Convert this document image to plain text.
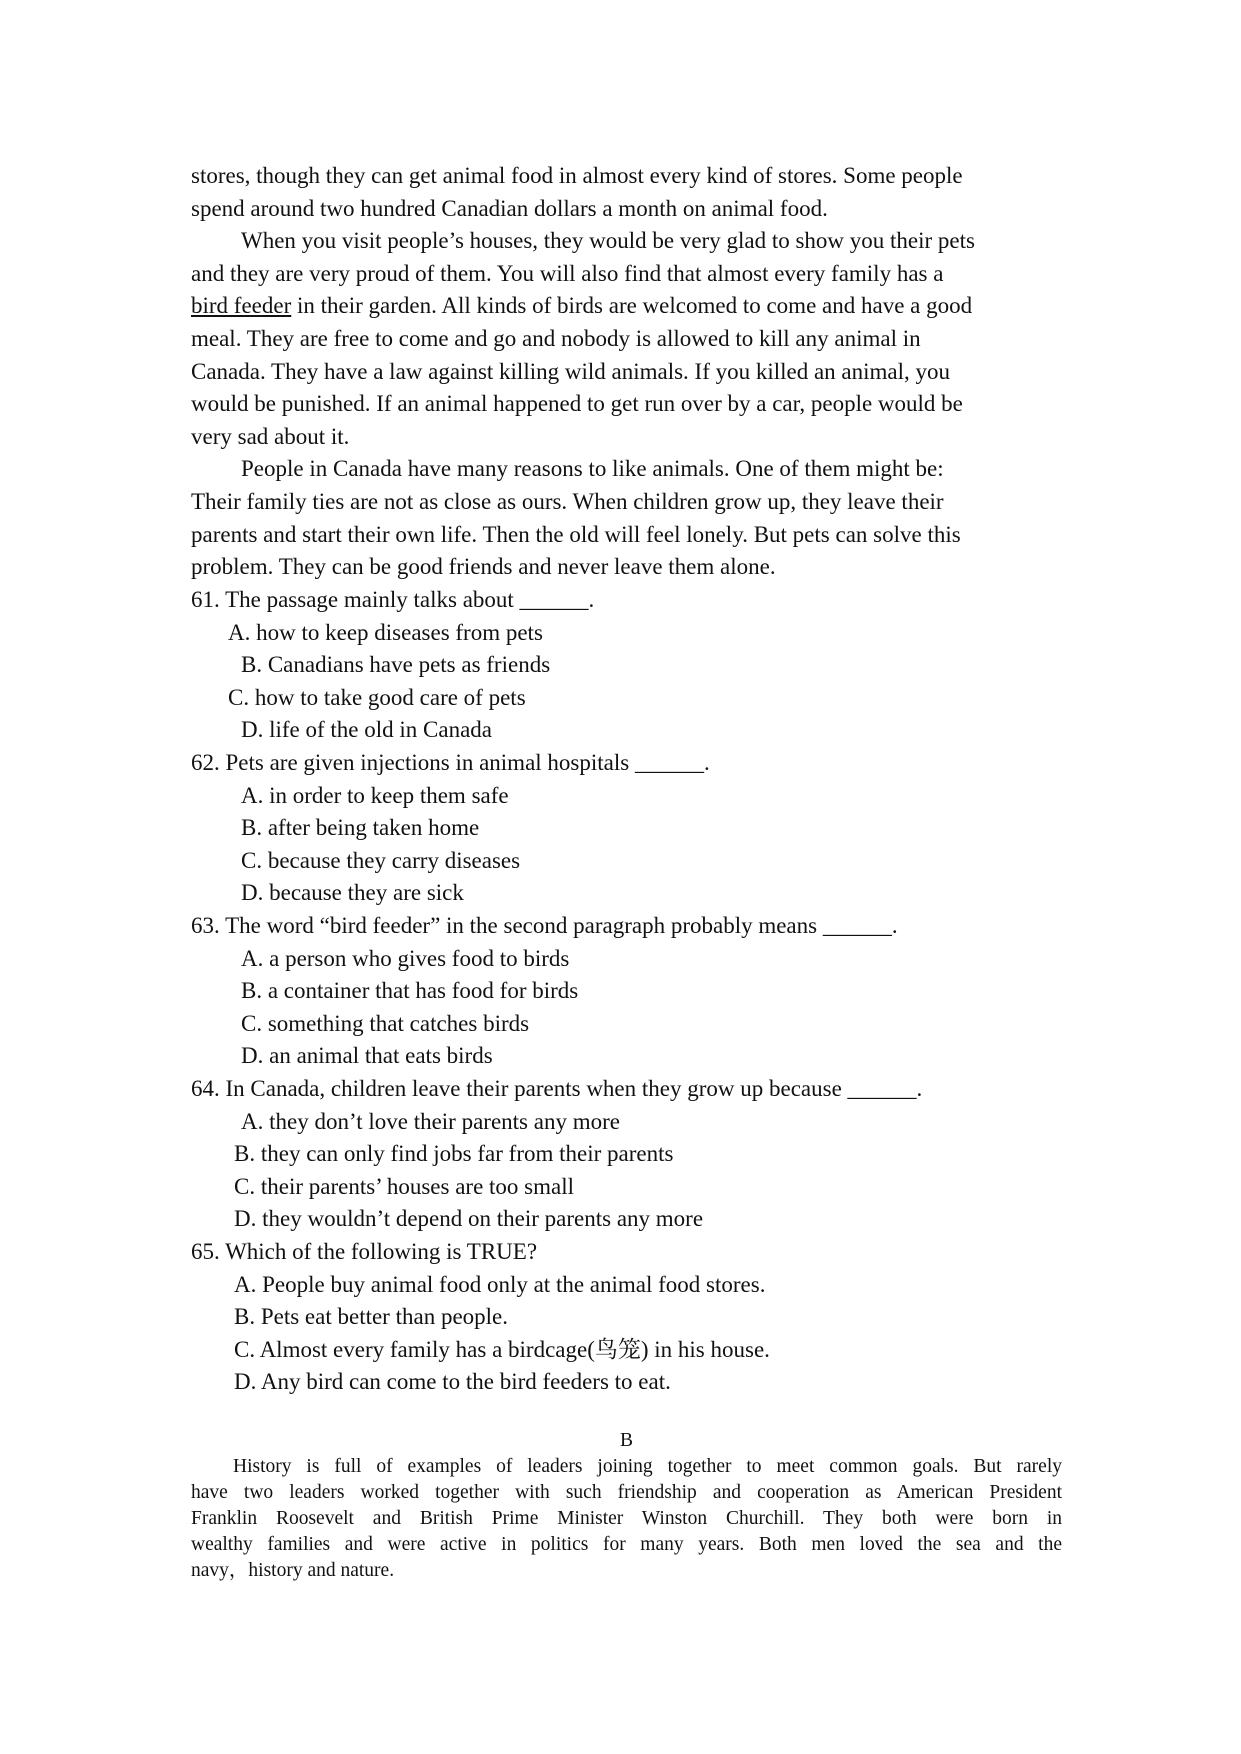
stores, though they can get animal food in almost every kind of stores. Some people
spend around two hundred Canadian dollars a month on animal food.
When you visit people’s houses, they would be very glad to show you their pets
and they are very proud of them. You will also find that almost every family has a
bird feeder in their garden. All kinds of birds are welcomed to come and have a good
meal. They are free to come and go and nobody is allowed to kill any animal in
Canada. They have a law against killing wild animals. If you killed an animal, you
would be punished. If an animal happened to get run over by a car, people would be
very sad about it.
People in Canada have many reasons to like animals. One of them might be:
Their family ties are not as close as ours. When children grow up, they leave their
parents and start their own life. Then the old will feel lonely. But pets can solve this
problem. They can be good friends and never leave them alone.
61. The passage mainly talks about ______.
A. how to keep diseases from pets
B. Canadians have pets as friends
C. how to take good care of pets
D. life of the old in Canada
62. Pets are given injections in animal hospitals ______.
A. in order to keep them safe
B. after being taken home
C. because they carry diseases
D. because they are sick
63. The word “bird feeder” in the second paragraph probably means ______.
A. a person who gives food to birds
B. a container that has food for birds
C. something that catches birds
D. an animal that eats birds
64. In Canada, children leave their parents when they grow up because ______.
A. they don’t love their parents any more
B. they can only find jobs far from their parents
C. their parents’ houses are too small
D. they wouldn’t depend on their parents any more
65. Which of the following is TRUE?
A. People buy animal food only at the animal food stores.
B. Pets eat better than people.
C. Almost every family has a birdcage(鸟笼) in his house.
D. Any bird can come to the bird feeders to eat.
B
History is full of examples of leaders joining together to meet common goals. But rarely
have two leaders worked together with such friendship and cooperation as American President
Franklin Roosevelt and British Prime Minister Winston Churchill. They both were born in
wealthy families and were active in politics for many years. Both men loved the sea and the
navy，history and nature.
